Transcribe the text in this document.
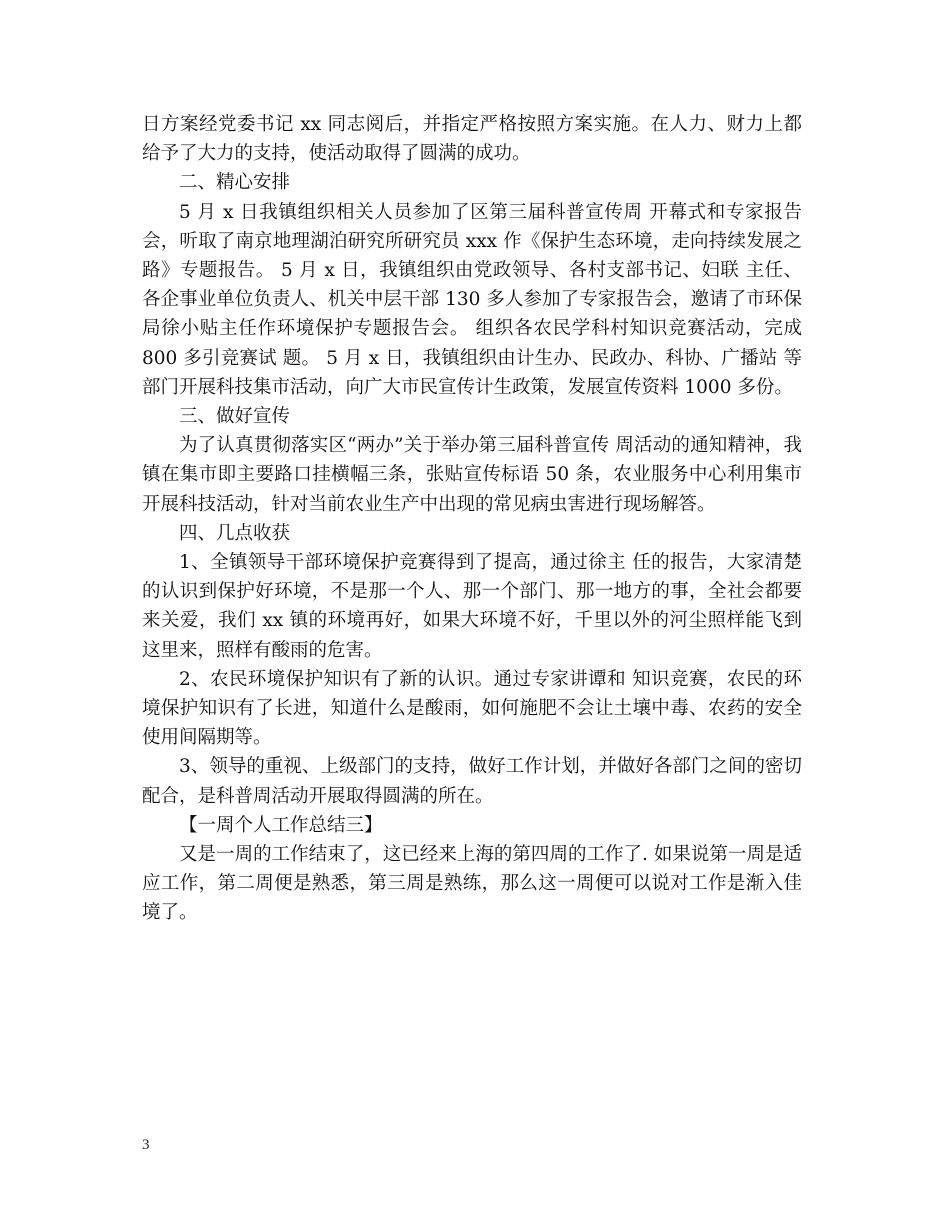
日方案经党委书记 xx 同志阅后，并指定严格按照方案实施。在人力、财力上都给予了大力的支持，使活动取得了圆满的成功。

二、精心安排

5 月 x 日我镇组织相关人员参加了区第三届科普宣传周 开幕式和专家报告会，听取了南京地理湖泊研究所研究员 xxx 作《保护生态环境，走向持续发展之路》专题报告。 5 月 x 日，我镇组织由党政领导、各村支部书记、妇联 主任、各企事业单位负责人、机关中层干部 130 多人参加了专家报告会，邀请了市环保局徐小贴主任作环境保护专题报告会。 组织各农民学科村知识竞赛活动，完成 800 多引竞赛试 题。 5 月 x 日，我镇组织由计生办、民政办、科协、广播站 等部门开展科技集市活动，向广大市民宣传计生政策，发展宣传资料 1000 多份。

三、做好宣传

为了认真贯彻落实区“两办”关于举办第三届科普宣传 周活动的通知精神，我镇在集市即主要路口挂横幅三条，张贴宣传标语 50 条，农业服务中心利用集市开展科技活动，针对当前农业生产中出现的常见病虫害进行现场解答。

四、几点收获

1、全镇领导干部环境保护竞赛得到了提高，通过徐主 任的报告，大家清楚的认识到保护好环境，不是那一个人、那一个部门、那一地方的事，全社会都要来关爱，我们 xx 镇的环境再好，如果大环境不好，千里以外的河尘照样能飞到这里来，照样有酸雨的危害。

2、农民环境保护知识有了新的认识。通过专家讲谭和 知识竞赛，农民的环境保护知识有了长进，知道什么是酸雨，如何施肥不会让土壤中毒、农药的安全使用间隔期等。

3、领导的重视、上级部门的支持，做好工作计划，并做好各部门之间的密切配合，是科普周活动开展取得圆满的所在。

【一周个人工作总结三】

又是一周的工作结束了，这已经来上海的第四周的工作了. 如果说第一周是适应工作，第二周便是熟悉，第三周是熟练，那么这一周便可以说对工作是渐入佳境了。

3
